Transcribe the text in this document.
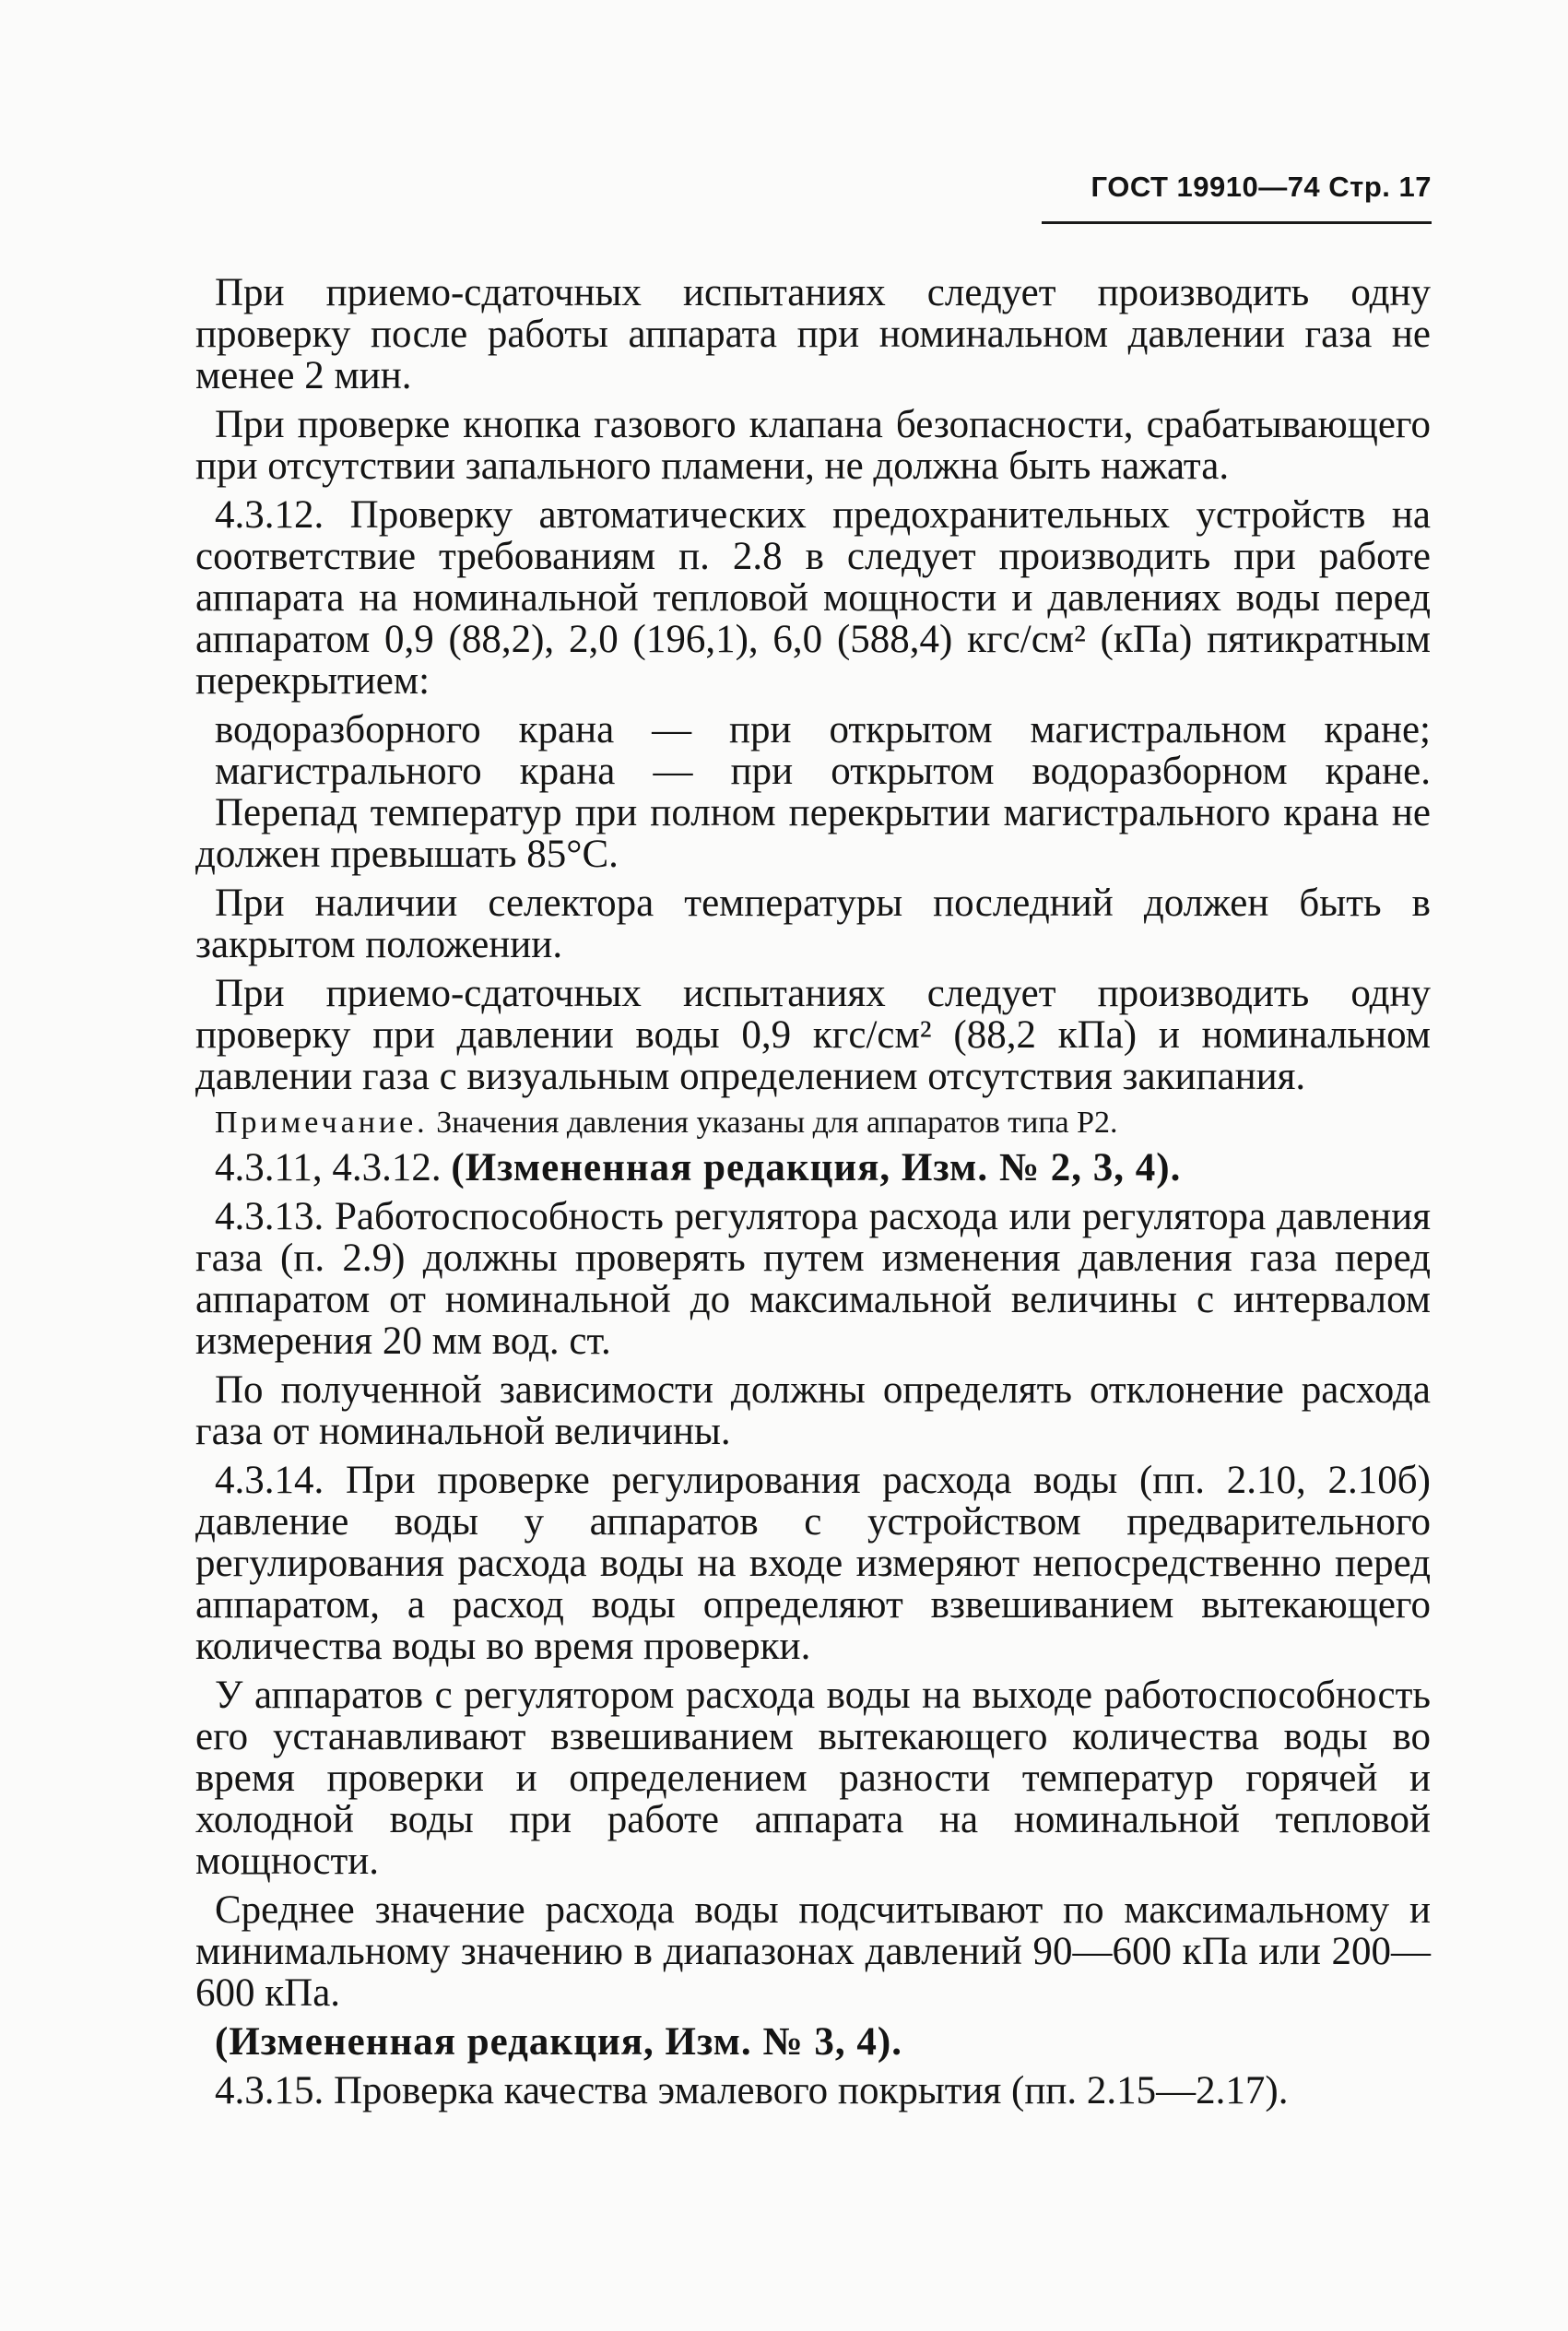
ГОСТ 19910—74 Стр. 17

При приемо-сдаточных испытаниях следует производить одну проверку после работы аппарата при номинальном давлении газа не менее 2 мин.

При проверке кнопка газового клапана безопасности, срабатывающего при отсутствии запального пламени, не должна быть нажата.

4.3.12. Проверку автоматических предохранительных устройств на соответствие требованиям п. 2.8 в следует производить при работе аппарата на номинальной тепловой мощности и давлениях воды перед аппаратом 0,9 (88,2), 2,0 (196,1), 6,0 (588,4) кгс/см² (кПа) пятикратным перекрытием:

водоразборного крана — при открытом магистральном кране;

магистрального крана — при открытом водоразборном кране.

Перепад температур при полном перекрытии магистрального крана не должен превышать 85°С.

При наличии селектора температуры последний должен быть в закрытом положении.

При приемо-сдаточных испытаниях следует производить одну проверку при давлении воды 0,9 кгс/см² (88,2 кПа) и номинальном давлении газа с визуальным определением отсутствия закипания.

Примечание. Значения давления указаны для аппаратов типа Р2.

4.3.11, 4.3.12. (Измененная редакция, Изм. № 2, 3, 4).

4.3.13. Работоспособность регулятора расхода или регулятора давления газа (п. 2.9) должны проверять путем изменения давления газа перед аппаратом от номинальной до максимальной величины с интервалом измерения 20 мм вод. ст.

По полученной зависимости должны определять отклонение расхода газа от номинальной величины.

4.3.14. При проверке регулирования расхода воды (пп. 2.10, 2.10б) давление воды у аппаратов с устройством предварительного регулирования расхода воды на входе измеряют непосредственно перед аппаратом, а расход воды определяют взвешиванием вытекающего количества воды во время проверки.

У аппаратов с регулятором расхода воды на выходе работоспособность его устанавливают взвешиванием вытекающего количества воды во время проверки и определением разности температур горячей и холодной воды при работе аппарата на номинальной тепловой мощности.

Среднее значение расхода воды подсчитывают по максимальному и минимальному значению в диапазонах давлений 90—600 кПа или 200—600 кПа.

(Измененная редакция, Изм. № 3, 4).

4.3.15. Проверка качества эмалевого покрытия (пп. 2.15—2.17).
